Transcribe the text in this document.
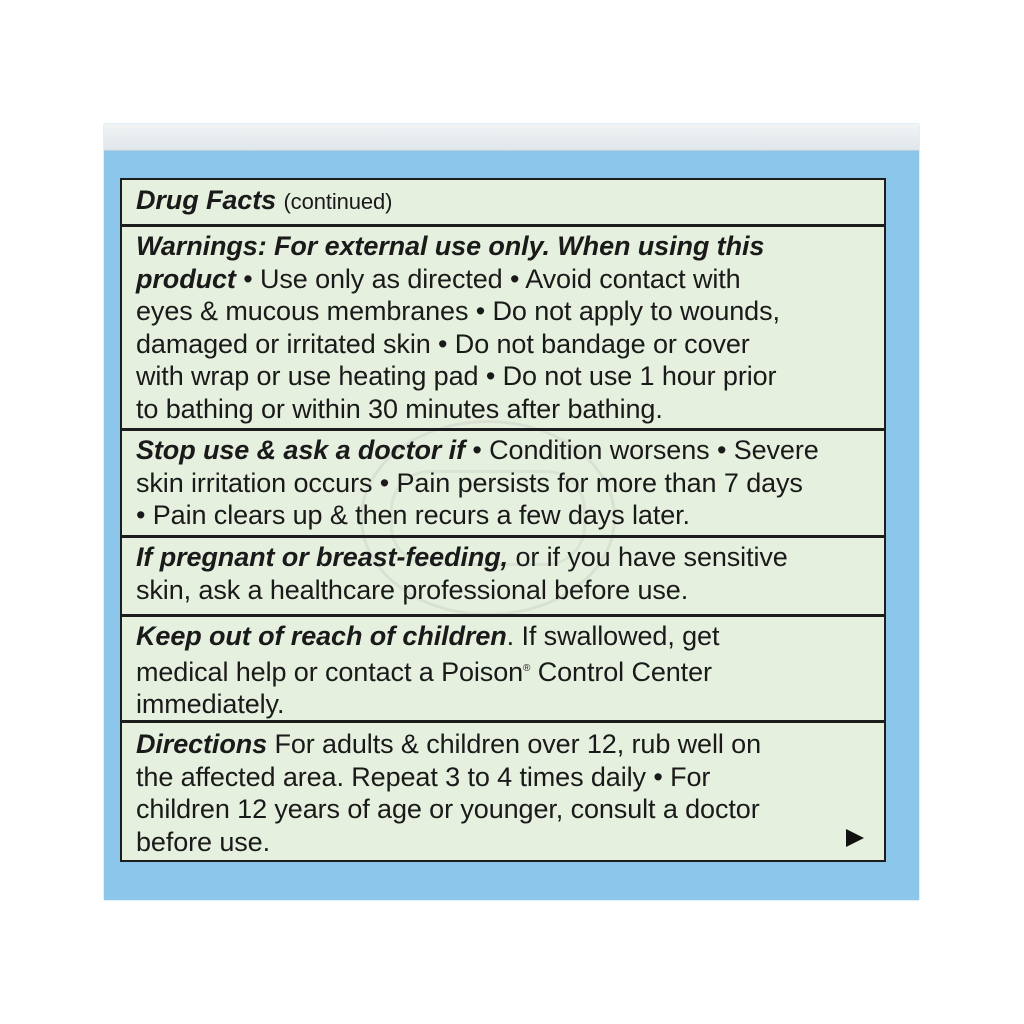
Drug Facts (continued)
Warnings: For external use only. When using this
product • Use only as directed • Avoid contact with
eyes & mucous membranes • Do not apply to wounds,
damaged or irritated skin • Do not bandage or cover
with wrap or use heating pad • Do not use 1 hour prior
to bathing or within 30 minutes after bathing.
Stop use & ask a doctor if • Condition worsens • Severe
skin irritation occurs • Pain persists for more than 7 days
• Pain clears up & then recurs a few days later.
If pregnant or breast-feeding, or if you have sensitive
skin, ask a healthcare professional before use.
Keep out of reach of children. If swallowed, get
medical help or contact a Poison® Control Center
immediately.
Directions For adults & children over 12, rub well on
the affected area. Repeat 3 to 4 times daily • For
children 12 years of age or younger, consult a doctor
before use.
